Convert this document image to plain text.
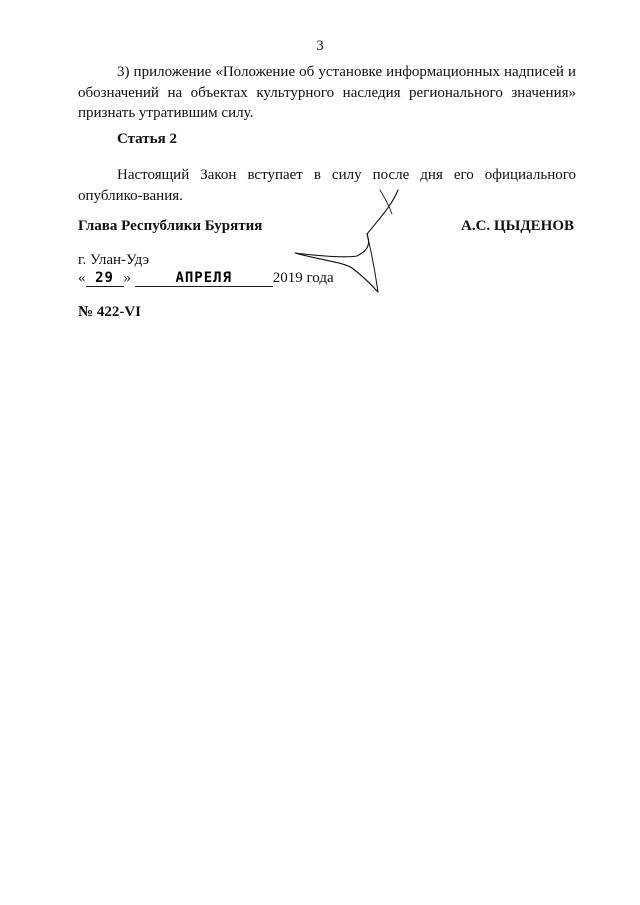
3

3) приложение «Положение об установке информационных надписей и обозначений на объектах культурного наследия регионального значения» признать утратившим силу.

Статья 2

Настоящий Закон вступает в силу после дня его официального опублико-вания.

Глава Республики Бурятия	А.С. ЦЫДЕНОВ
г. Улан-Удэ
« 29 »	АПРЕЛЯ	2019 года
№ 422-VI
